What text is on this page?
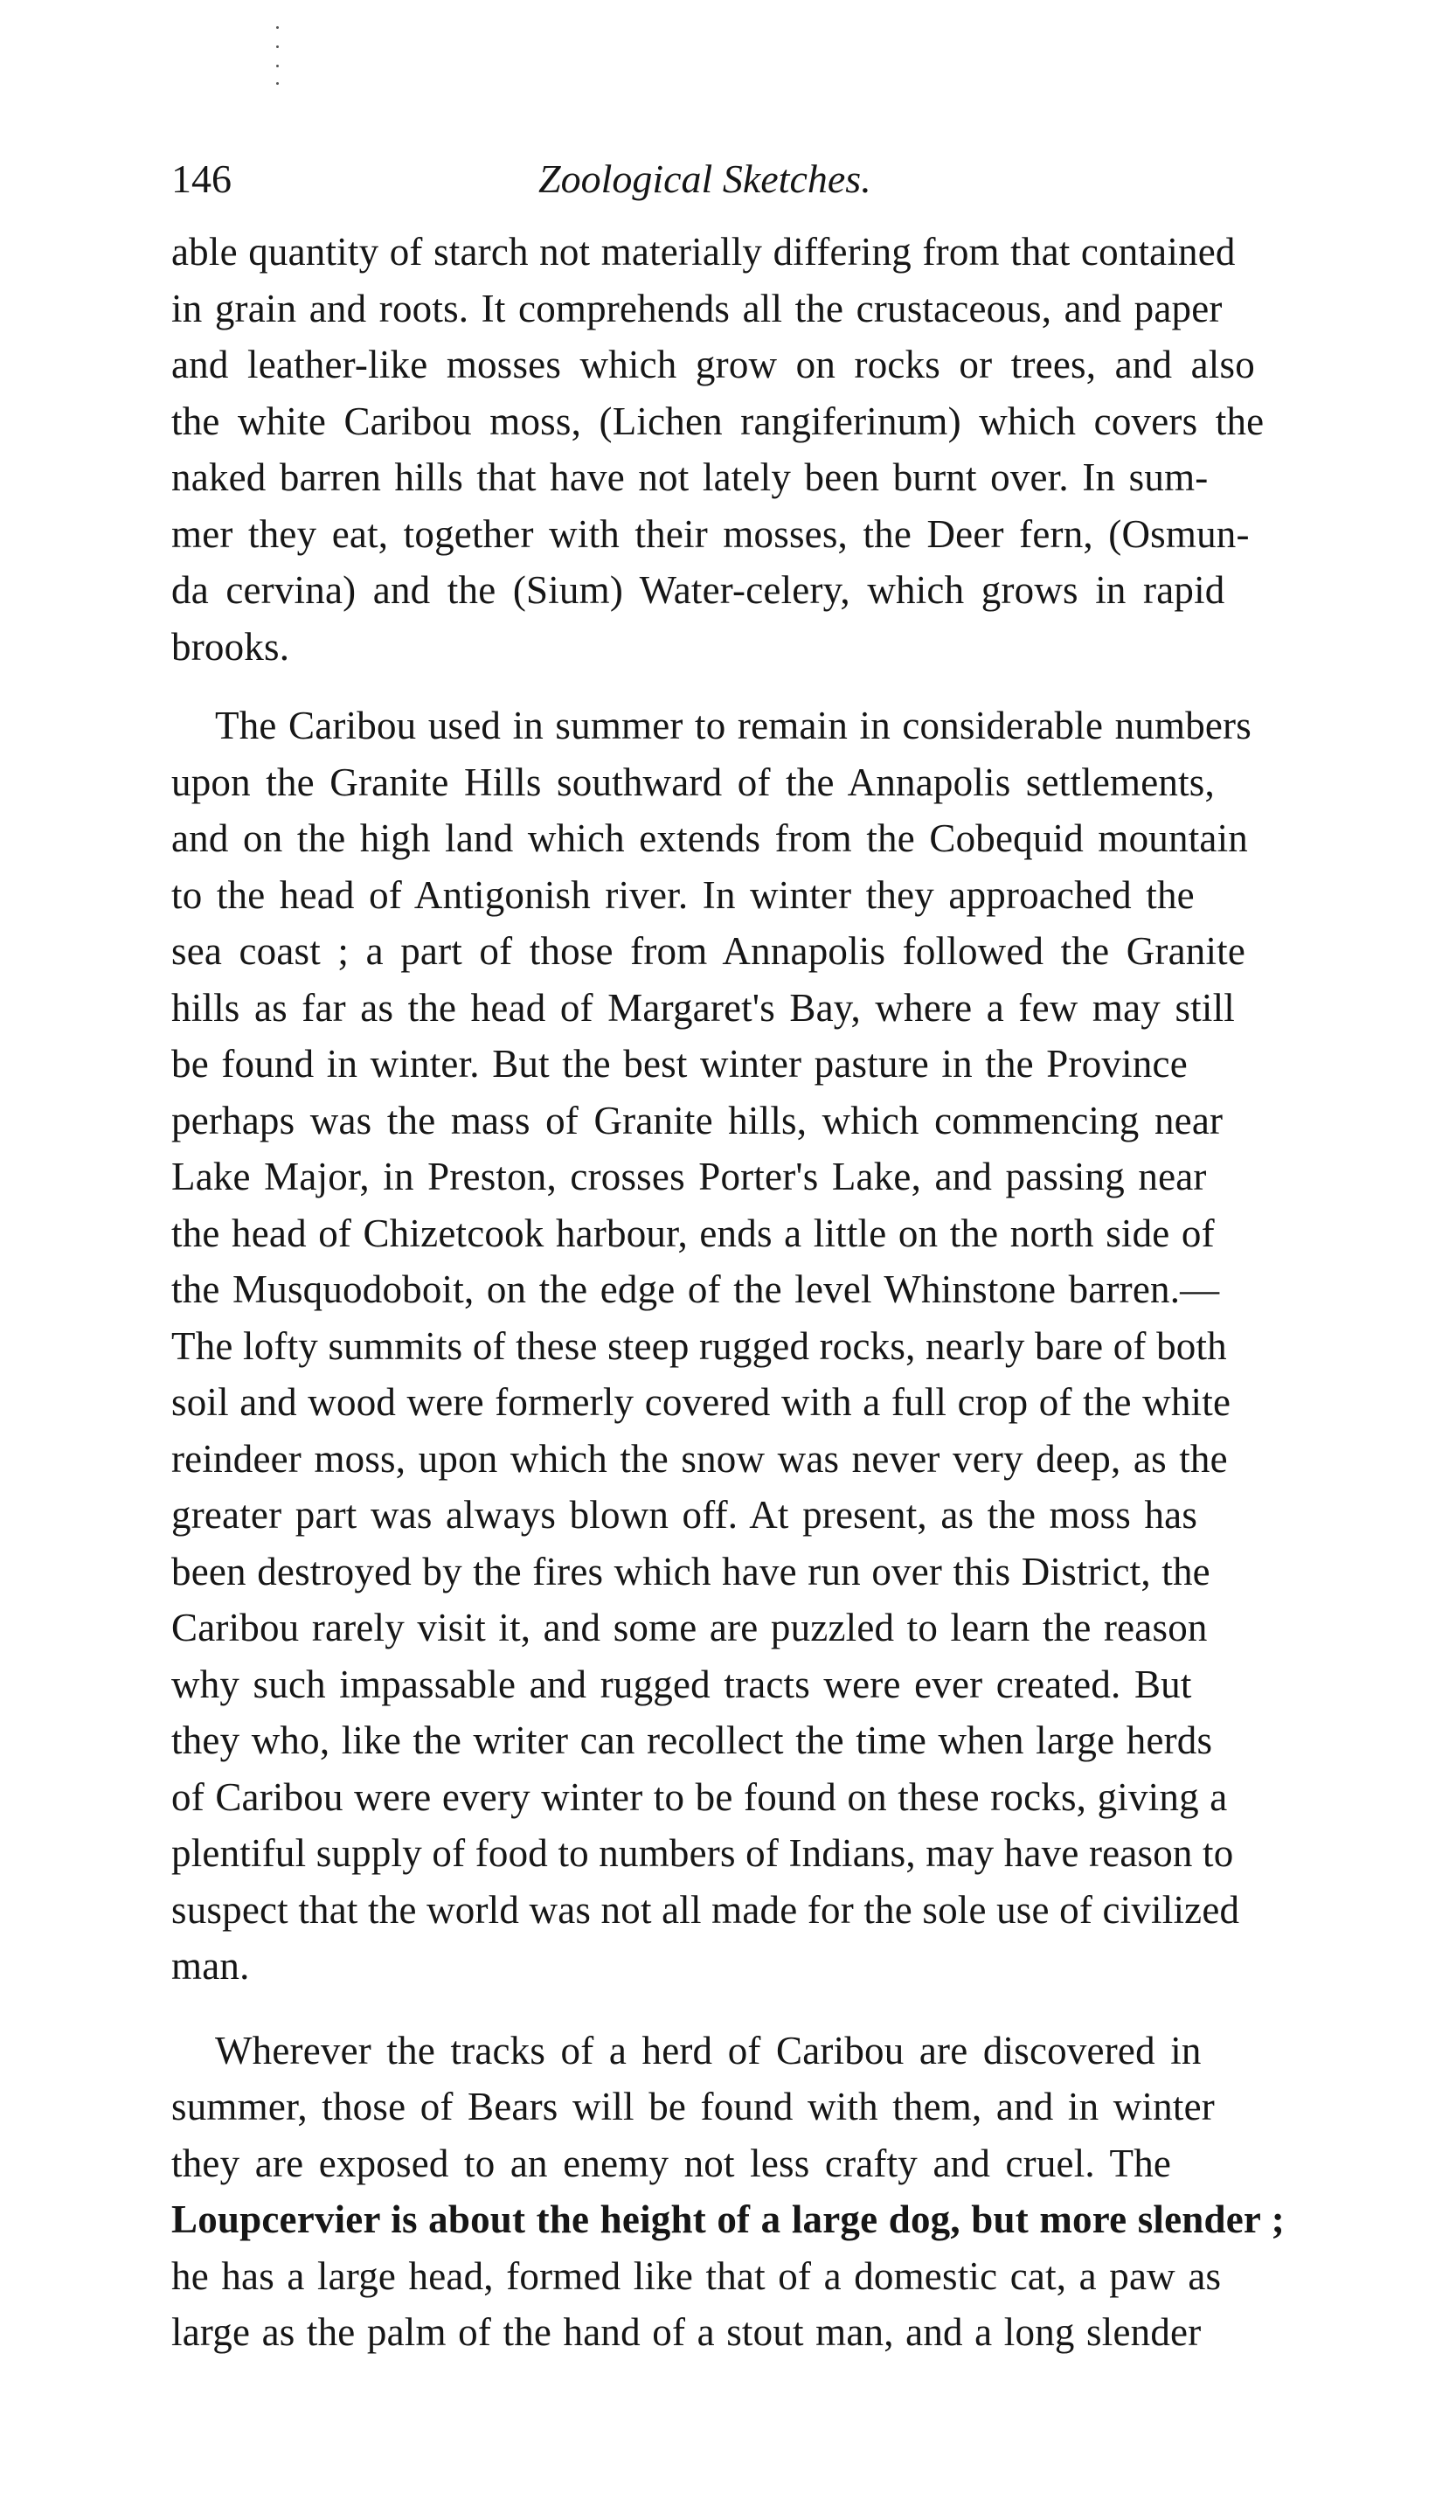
146	Zoological Sketches.
able quantity of starch not materially differing from that contained
in grain and roots. It comprehends all the crustaceous, and paper
and leather-like mosses which grow on rocks or trees, and also
the white Caribou moss, (Lichen rangiferinum) which covers the
naked barren hills that have not lately been burnt over. In sum-
mer they eat, together with their mosses, the Deer fern, (Osmun-
da cervina) and the (Sium) Water-celery, which grows in rapid
brooks.
The Caribou used in summer to remain in considerable numbers
upon the Granite Hills southward of the Annapolis settlements,
and on the high land which extends from the Cobequid mountain
to the head of Antigonish river. In winter they approached the
sea coast ; a part of those from Annapolis followed the Granite
hills as far as the head of Margaret's Bay, where a few may still
be found in winter. But the best winter pasture in the Province
perhaps was the mass of Granite hills, which commencing near
Lake Major, in Preston, crosses Porter's Lake, and passing near
the head of Chizetcook harbour, ends a little on the north side of
the Musquodoboit, on the edge of the level Whinstone barren.—
The lofty summits of these steep rugged rocks, nearly bare of both
soil and wood were formerly covered with a full crop of the white
reindeer moss, upon which the snow was never very deep, as the
greater part was always blown off. At present, as the moss has
been destroyed by the fires which have run over this District, the
Caribou rarely visit it, and some are puzzled to learn the reason
why such impassable and rugged tracts were ever created. But
they who, like the writer can recollect the time when large herds
of Caribou were every winter to be found on these rocks, giving a
plentiful supply of food to numbers of Indians, may have reason to
suspect that the world was not all made for the sole use of civilized
man.
Wherever the tracks of a herd of Caribou are discovered in
summer, those of Bears will be found with them, and in winter
they are exposed to an enemy not less crafty and cruel. The
Loupcervier is about the height of a large dog, but more slender ;
he has a large head, formed like that of a domestic cat, a paw as
large as the palm of the hand of a stout man, and a long slender
